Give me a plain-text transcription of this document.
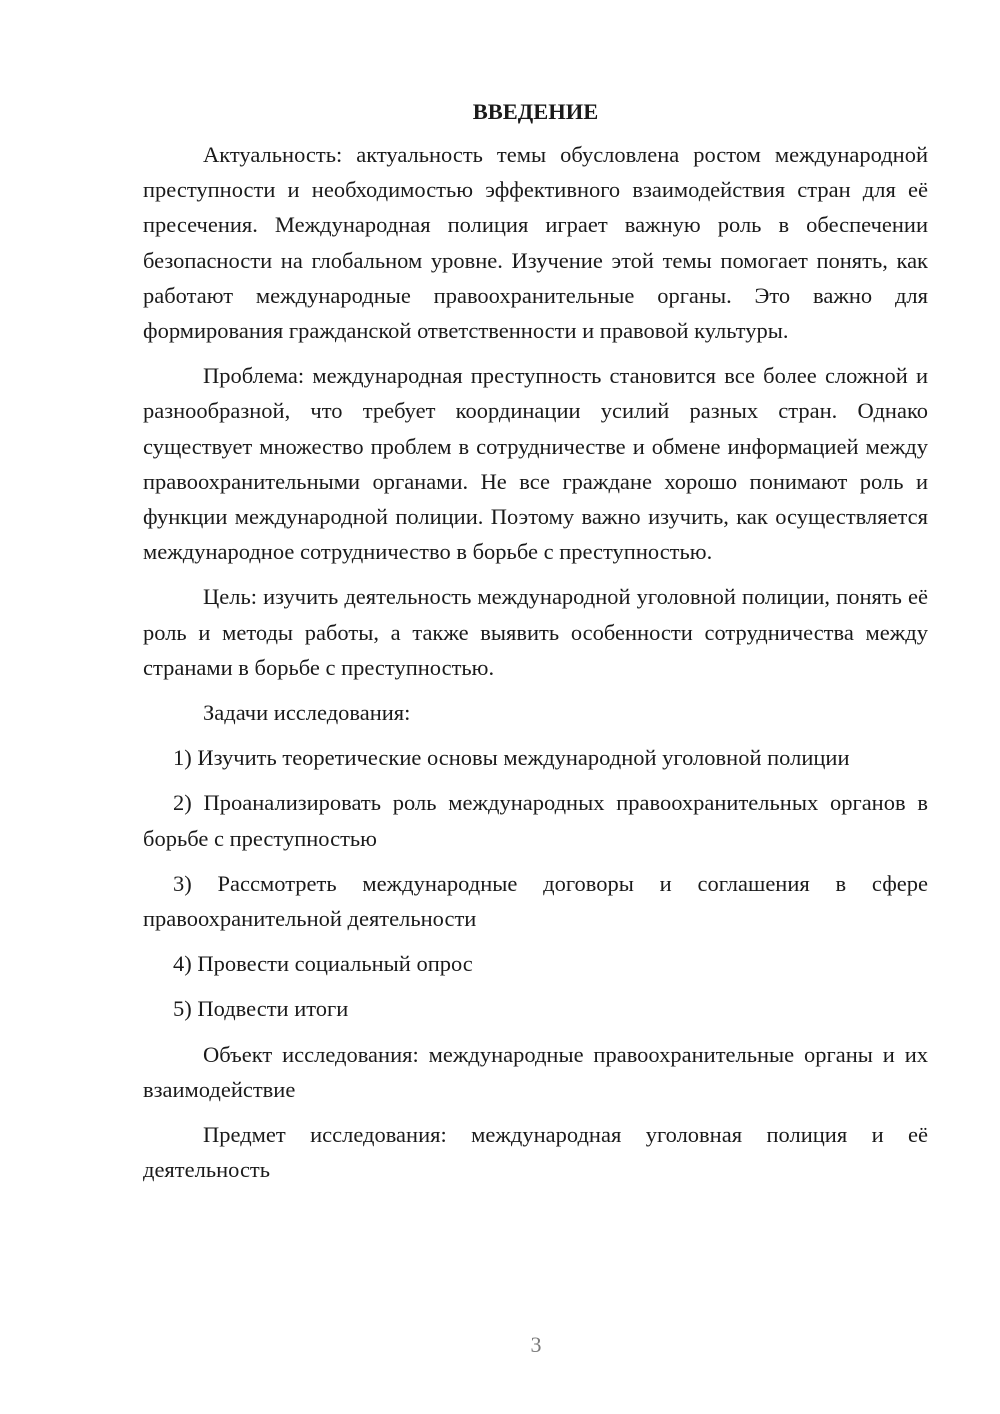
ВВЕДЕНИЕ

Актуальность: актуальность темы обусловлена ростом международной преступности и необходимостью эффективного взаимодействия стран для её пресечения. Международная полиция играет важную роль в обеспечении безопасности на глобальном уровне. Изучение этой темы помогает понять, как работают международные правоохранительные органы. Это важно для формирования гражданской ответственности и правовой культуры.

Проблема: международная преступность становится все более сложной и разнообразной, что требует координации усилий разных стран. Однако существует множество проблем в сотрудничестве и обмене информацией между правоохранительными органами. Не все граждане хорошо понимают роль и функции международной полиции. Поэтому важно изучить, как осуществляется международное сотрудничество в борьбе с преступностью.

Цель: изучить деятельность международной уголовной полиции, понять её роль и методы работы, а также выявить особенности сотрудничества между странами в борьбе с преступностью.

Задачи исследования:

1) Изучить теоретические основы международной уголовной полиции

2) Проанализировать роль международных правоохранительных органов в борьбе с преступностью

3) Рассмотреть международные договоры и соглашения в сфере правоохранительной деятельности

4) Провести социальный опрос

5) Подвести итоги

Объект исследования: международные правоохранительные органы и их взаимодействие

Предмет исследования: международная уголовная полиция и её деятельность

3
